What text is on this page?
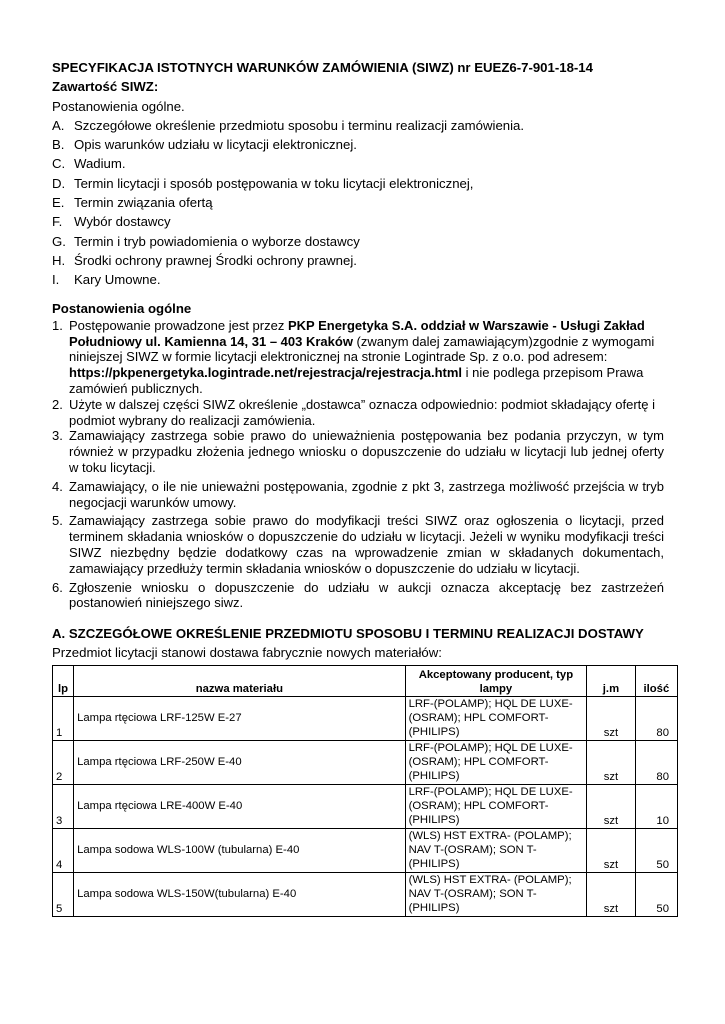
SPECYFIKACJA ISTOTNYCH WARUNKÓW ZAMÓWIENIA (SIWZ) nr EUEZ6-7-901-18-14
Zawartość SIWZ:
Postanowienia ogólne.
A. Szczegółowe określenie przedmiotu sposobu i terminu realizacji zamówienia.
B. Opis warunków udziału w licytacji elektronicznej.
C. Wadium.
D. Termin licytacji i sposób postępowania w toku licytacji elektronicznej,
E. Termin związania ofertą
F. Wybór dostawcy
G. Termin i tryb powiadomienia o wyborze dostawcy
H. Środki ochrony prawnej Środki ochrony prawnej.
I.	Kary Umowne.
Postanowienia ogólne
1. Postępowanie prowadzone jest przez PKP Energetyka S.A. oddział w Warszawie - Usługi Zakład Południowy ul. Kamienna 14, 31 – 403 Kraków (zwanym dalej zamawiającym)zgodnie z wymogami niniejszej SIWZ w formie licytacji elektronicznej na stronie Logintrade Sp. z o.o. pod adresem: https://pkpenergetyka.logintrade.net/rejestracja/rejestracja.html i nie podlega przepisom Prawa zamówień publicznych.
2. Użyte w dalszej części SIWZ określenie „dostawca” oznacza odpowiednio: podmiot składający ofertę i podmiot wybrany do realizacji zamówienia.
3. Zamawiający zastrzega sobie prawo do unieważnienia postępowania bez podania przyczyn, w tym również w przypadku złożenia jednego wniosku o dopuszczenie do udziału w licytacji lub jednej oferty w toku licytacji.
4. Zamawiający, o ile nie unieważni postępowania, zgodnie z pkt 3, zastrzega możliwość przejścia w tryb negocjacji warunków umowy.
5. Zamawiający zastrzega sobie prawo do modyfikacji treści SIWZ oraz ogłoszenia o licytacji, przed terminem składania wniosków o dopuszczenie do udziału w licytacji. Jeżeli w wyniku modyfikacji treści SIWZ niezbędny będzie dodatkowy czas na wprowadzenie zmian w składanych dokumentach, zamawiający przedłuży termin składania wniosków o dopuszczenie do udziału w licytacji.
6. Zgłoszenie wniosku o dopuszczenie do udziału w aukcji oznacza akceptację bez zastrzeżeń postanowień niniejszego siwz.
A. SZCZEGÓŁOWE OKREŚLENIE PRZEDMIOTU SPOSOBU I TERMINU REALIZACJI DOSTAWY
Przedmiot licytacji stanowi dostawa fabrycznie nowych materiałów:
lp	nazwa materiału	Akceptowany producent, typ lampy	j.m	ilość
1	Lampa rtęciowa LRF-125W E-27	LRF-(POLAMP); HQL DE LUXE- (OSRAM); HPL COMFORT-(PHILIPS)	szt	80
2	Lampa rtęciowa LRF-250W E-40	LRF-(POLAMP); HQL DE LUXE- (OSRAM); HPL COMFORT-(PHILIPS)	szt	80
3	Lampa rtęciowa LRE-400W E-40	LRF-(POLAMP); HQL DE LUXE- (OSRAM); HPL COMFORT-(PHILIPS)	szt	10
4	Lampa sodowa WLS-100W (tubularna) E-40	(WLS) HST EXTRA- (POLAMP); NAV T-(OSRAM); SON T- (PHILIPS)	szt	50
5	Lampa sodowa WLS-150W(tubularna) E-40	(WLS) HST EXTRA- (POLAMP); NAV T-(OSRAM); SON T- (PHILIPS)	szt	50
